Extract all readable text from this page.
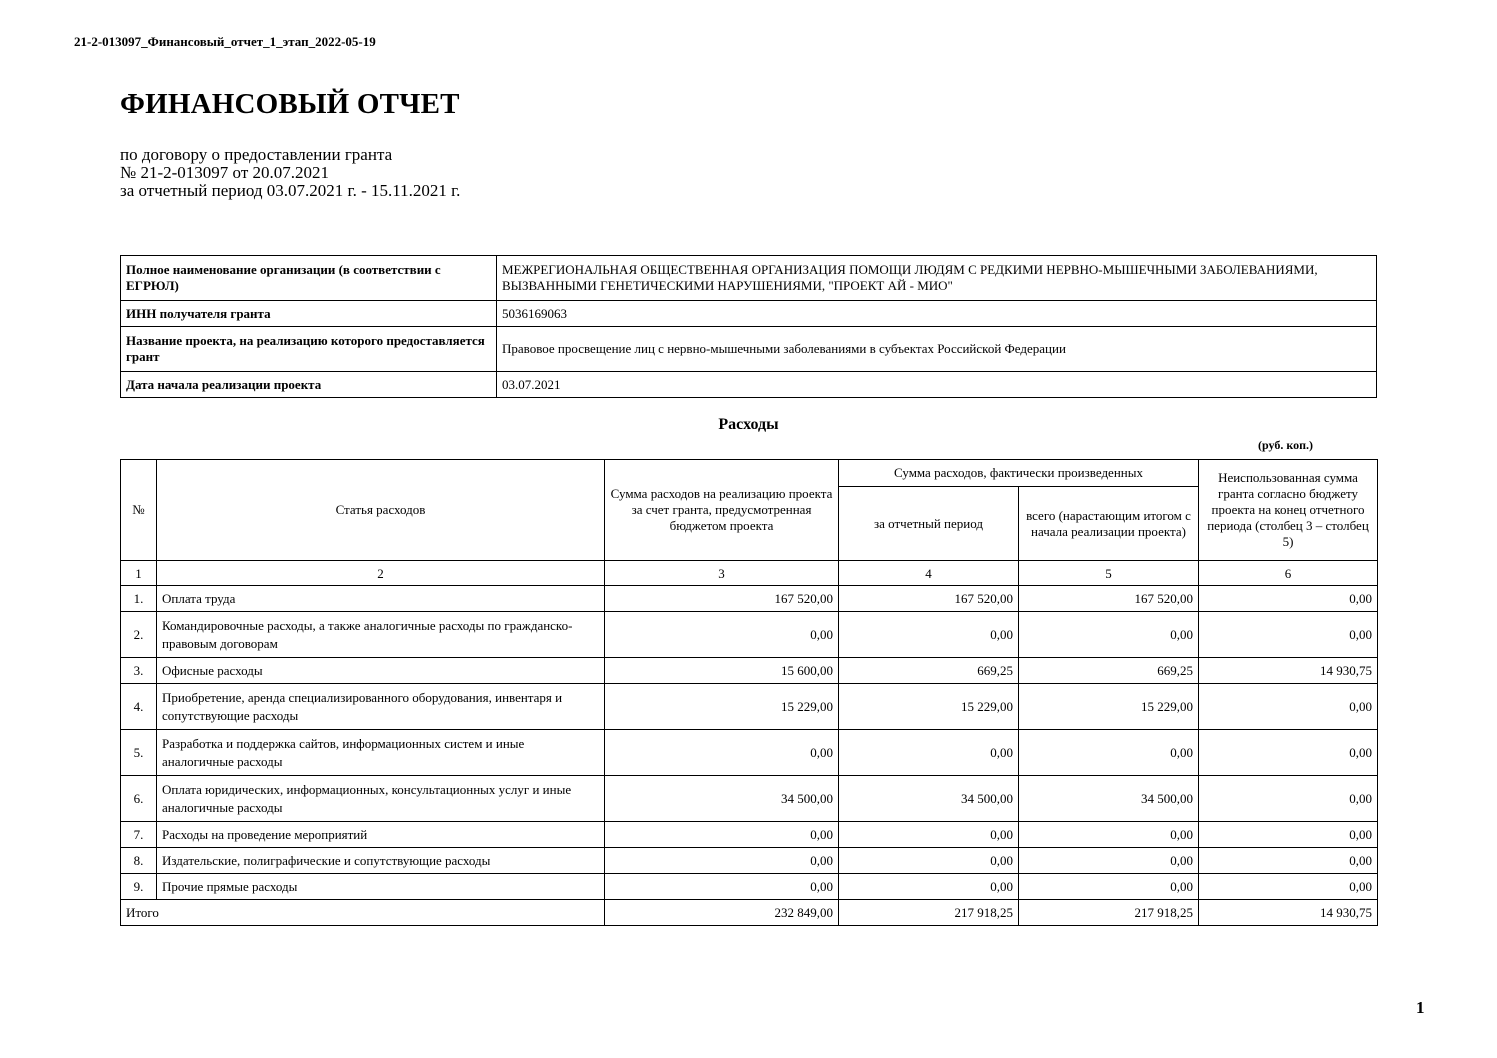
21-2-013097_Финансовый_отчет_1_этап_2022-05-19
ФИНАНСОВЫЙ ОТЧЕТ
по договору о предоставлении гранта
№ 21-2-013097 от 20.07.2021
за отчетный период 03.07.2021 г. - 15.11.2021 г.
Полное наименование организации (в соответствии с ЕГРЮЛ)	МЕЖРЕГИОНАЛЬНАЯ ОБЩЕСТВЕННАЯ ОРГАНИЗАЦИЯ ПОМОЩИ ЛЮДЯМ С РЕДКИМИ НЕРВНО-МЫШЕЧНЫМИ ЗАБОЛЕВАНИЯМИ, ВЫЗВАННЫМИ ГЕНЕТИЧЕСКИМИ НАРУШЕНИЯМИ, "ПРОЕКТ АЙ - МИО"
ИНН получателя гранта	5036169063
Название проекта, на реализацию которого предоставляется грант	Правовое просвещение лиц с нервно-мышечными заболеваниями в субъектах Российской Федерации
Дата начала реализации проекта	03.07.2021
Расходы
(руб. коп.)
№	Статья расходов	Сумма расходов на реализацию проекта за счет гранта, предусмотренная бюджетом проекта	Сумма расходов, фактически произведенных		Неиспользованная сумма гранта согласно бюджету проекта на конец отчетного периода (столбец 3 – столбец 5)
			за отчетный период	всего (нарастающим итогом с начала реализации проекта)	
1	2	3	4	5	6
1.	Оплата труда	167 520,00	167 520,00	167 520,00	0,00
2.	Командировочные расходы, а также аналогичные расходы по гражданско-правовым договорам	0,00	0,00	0,00	0,00
3.	Офисные расходы	15 600,00	669,25	669,25	14 930,75
4.	Приобретение, аренда специализированного оборудования, инвентаря и сопутствующие расходы	15 229,00	15 229,00	15 229,00	0,00
5.	Разработка и поддержка сайтов, информационных систем и иные аналогичные расходы	0,00	0,00	0,00	0,00
6.	Оплата юридических, информационных, консультационных услуг и иные аналогичные расходы	34 500,00	34 500,00	34 500,00	0,00
7.	Расходы на проведение мероприятий	0,00	0,00	0,00	0,00
8.	Издательские, полиграфические и сопутствующие расходы	0,00	0,00	0,00	0,00
9.	Прочие прямые расходы	0,00	0,00	0,00	0,00
Итого		232 849,00	217 918,25	217 918,25	14 930,75
1
